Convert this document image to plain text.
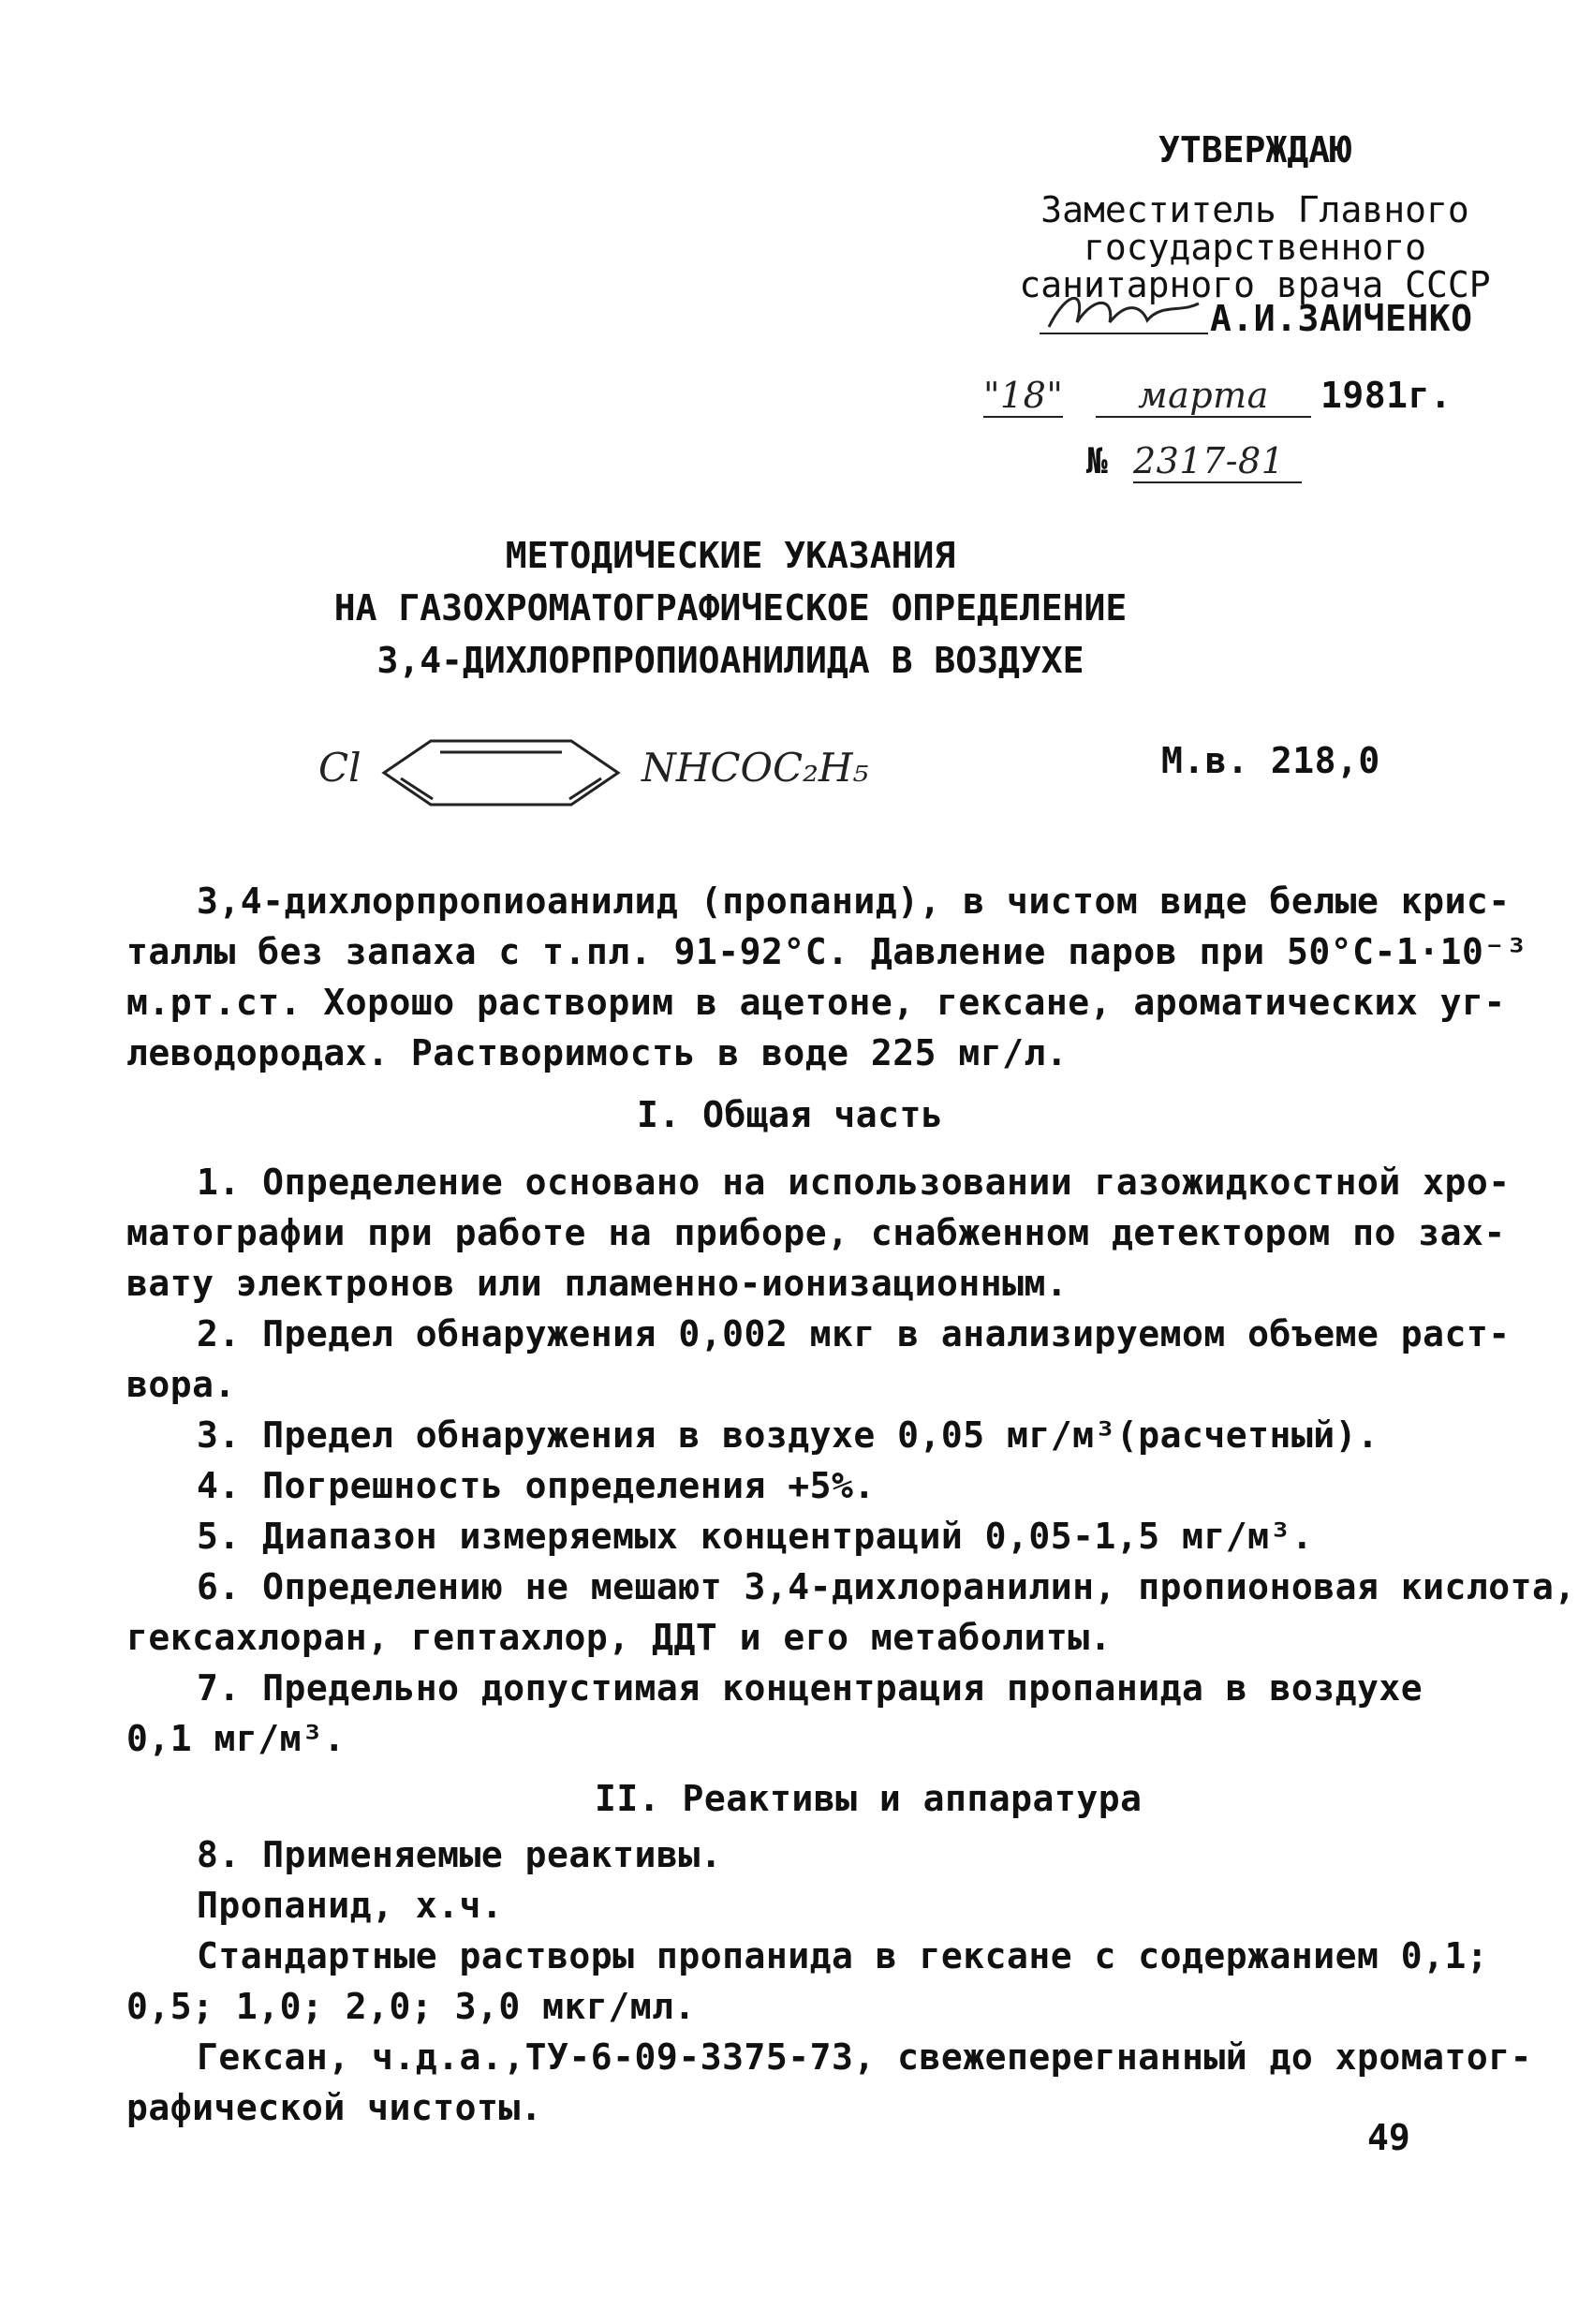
УТВЕРЖДАЮ
Заместитель Главного
государственного
санитарного врача СССР
А.И.ЗАИЧЕНКО
"18"	марта	1981г.
№ 2317-81
МЕТОДИЧЕСКИЕ УКАЗАНИЯ
НА ГАЗОХРОМАТОГРАФИЧЕСКОЕ ОПРЕДЕЛЕНИЕ
3,4-ДИХЛОРПРОПИОАНИЛИДА В ВОЗДУХЕ
Cl	NHCOC₂H₅	М.в. 218,0
3,4-дихлорпропиоанилид (пропанид), в чистом виде белые крис-
таллы без запаха с т.пл. 91-92°С. Давление паров при 50°С-1·10⁻³
м.рт.ст. Хорошо растворим в ацетоне, гексане, ароматических уг-
леводородах. Растворимость в воде 225 мг/л.
I. Общая часть
1. Определение основано на использовании газожидкостной хро-
матографии при работе на приборе, снабженном детектором по зах-
вату электронов или пламенно-ионизационным.
2. Предел обнаружения 0,002 мкг в анализируемом объеме раст-
вора.
3. Предел обнаружения в воздухе 0,05 мг/м³(расчетный).
4. Погрешность определения +5%.
5. Диапазон измеряемых концентраций 0,05-1,5 мг/м³.
6. Определению не мешают 3,4-дихлоранилин, пропионовая кислота,
гексахлоран, гептахлор, ДДТ и его метаболиты.
7. Предельно допустимая концентрация пропанида в воздухе
0,1 мг/м³.
II. Реактивы и аппаратура
8. Применяемые реактивы.
Пропанид, х.ч.
Стандартные растворы пропанида в гексане с содержанием 0,1;
0,5; 1,0; 2,0; 3,0 мкг/мл.
Гексан, ч.д.а.,ТУ-6-09-3375-73, свежеперегнанный до хроматог-
рафической чистоты.
49
